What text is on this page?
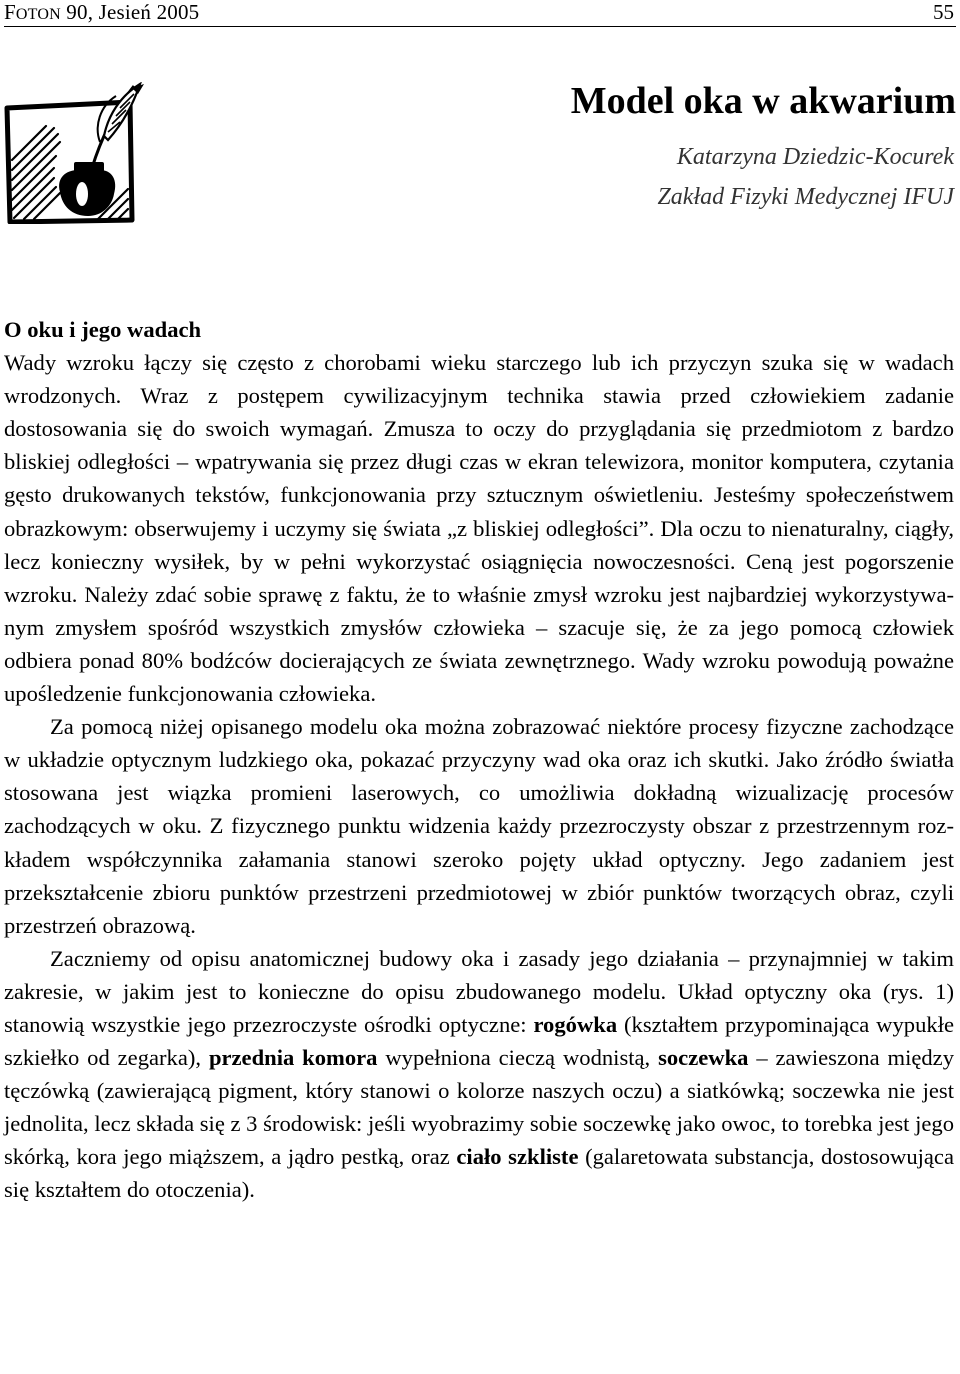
FOTON 90, Jesień 2005	55
Model oka w akwarium
Katarzyna Dziedzic-Kocurek
Zakład Fizyki Medycznej IFUJ
O oku i jego wadach

Wady wzroku łączy się często z chorobami wieku starczego lub ich przyczyn szuka się w wadach wrodzonych. Wraz z postępem cywilizacyjnym technika stawia przed człowiekiem zadanie dostosowania się do swoich wymagań. Zmusza to oczy do przyglądania się przedmiotom z bardzo bliskiej odległości – wpatrywania się przez długi czas w ekran telewizora, monitor komputera, czytania gęsto drukowanych tekstów, funkcjonowania przy sztucznym oświetleniu. Jesteśmy społeczeństwem obrazkowym: obserwujemy i uczymy się świata „z bliskiej odległości”. Dla oczu to nienaturalny, ciągły, lecz konieczny wysiłek, by w pełni wykorzystać osiągnięcia nowoczesności. Ceną jest pogorszenie wzroku. Należy zdać sobie sprawę z faktu, że to właśnie zmysł wzroku jest najbardziej wykorzystywanym zmysłem spośród wszystkich zmysłów człowieka – szacuje się, że za jego pomocą człowiek odbiera ponad 80% bodźców docierających ze świata zewnętrznego. Wady wzroku powodują poważne upośledzenie funkcjonowania człowieka.

Za pomocą niżej opisanego modelu oka można zobrazować niektóre procesy fizyczne zachodzące w układzie optycznym ludzkiego oka, pokazać przyczyny wad oka oraz ich skutki. Jako źródło światła stosowana jest wiązka promieni laserowych, co umożliwia dokładną wizualizację procesów zachodzących w oku. Z fizycznego punktu widzenia każdy przezroczysty obszar z przestrzennym rozkładem współczynnika załamania stanowi szeroko pojęty układ optyczny. Jego zadaniem jest przekształcenie zbioru punktów przestrzeni przedmiotowej w zbiór punktów tworzących obraz, czyli przestrzeń obrazową.

Zaczniemy od opisu anatomicznej budowy oka i zasady jego działania – przynajmniej w takim zakresie, w jakim jest to konieczne do opisu zbudowanego modelu. Układ optyczny oka (rys. 1) stanowią wszystkie jego przezroczyste ośrodki optyczne: rogówka (kształtem przypominająca wypukłe szkiełko od zegarka), przednia komora wypełniona cieczą wodnistą, soczewka – zawieszona między tęczówką (zawierającą pigment, który stanowi o kolorze naszych oczu) a siatkówką; soczewka nie jest jednolita, lecz składa się z 3 środowisk: jeśli wyobrazimy sobie soczewkę jako owoc, to torebka jest jego skórką, kora jego miąższem, a jądro pestką, oraz ciało szkliste (galaretowata substancja, dostosowująca się kształtem do otoczenia).
